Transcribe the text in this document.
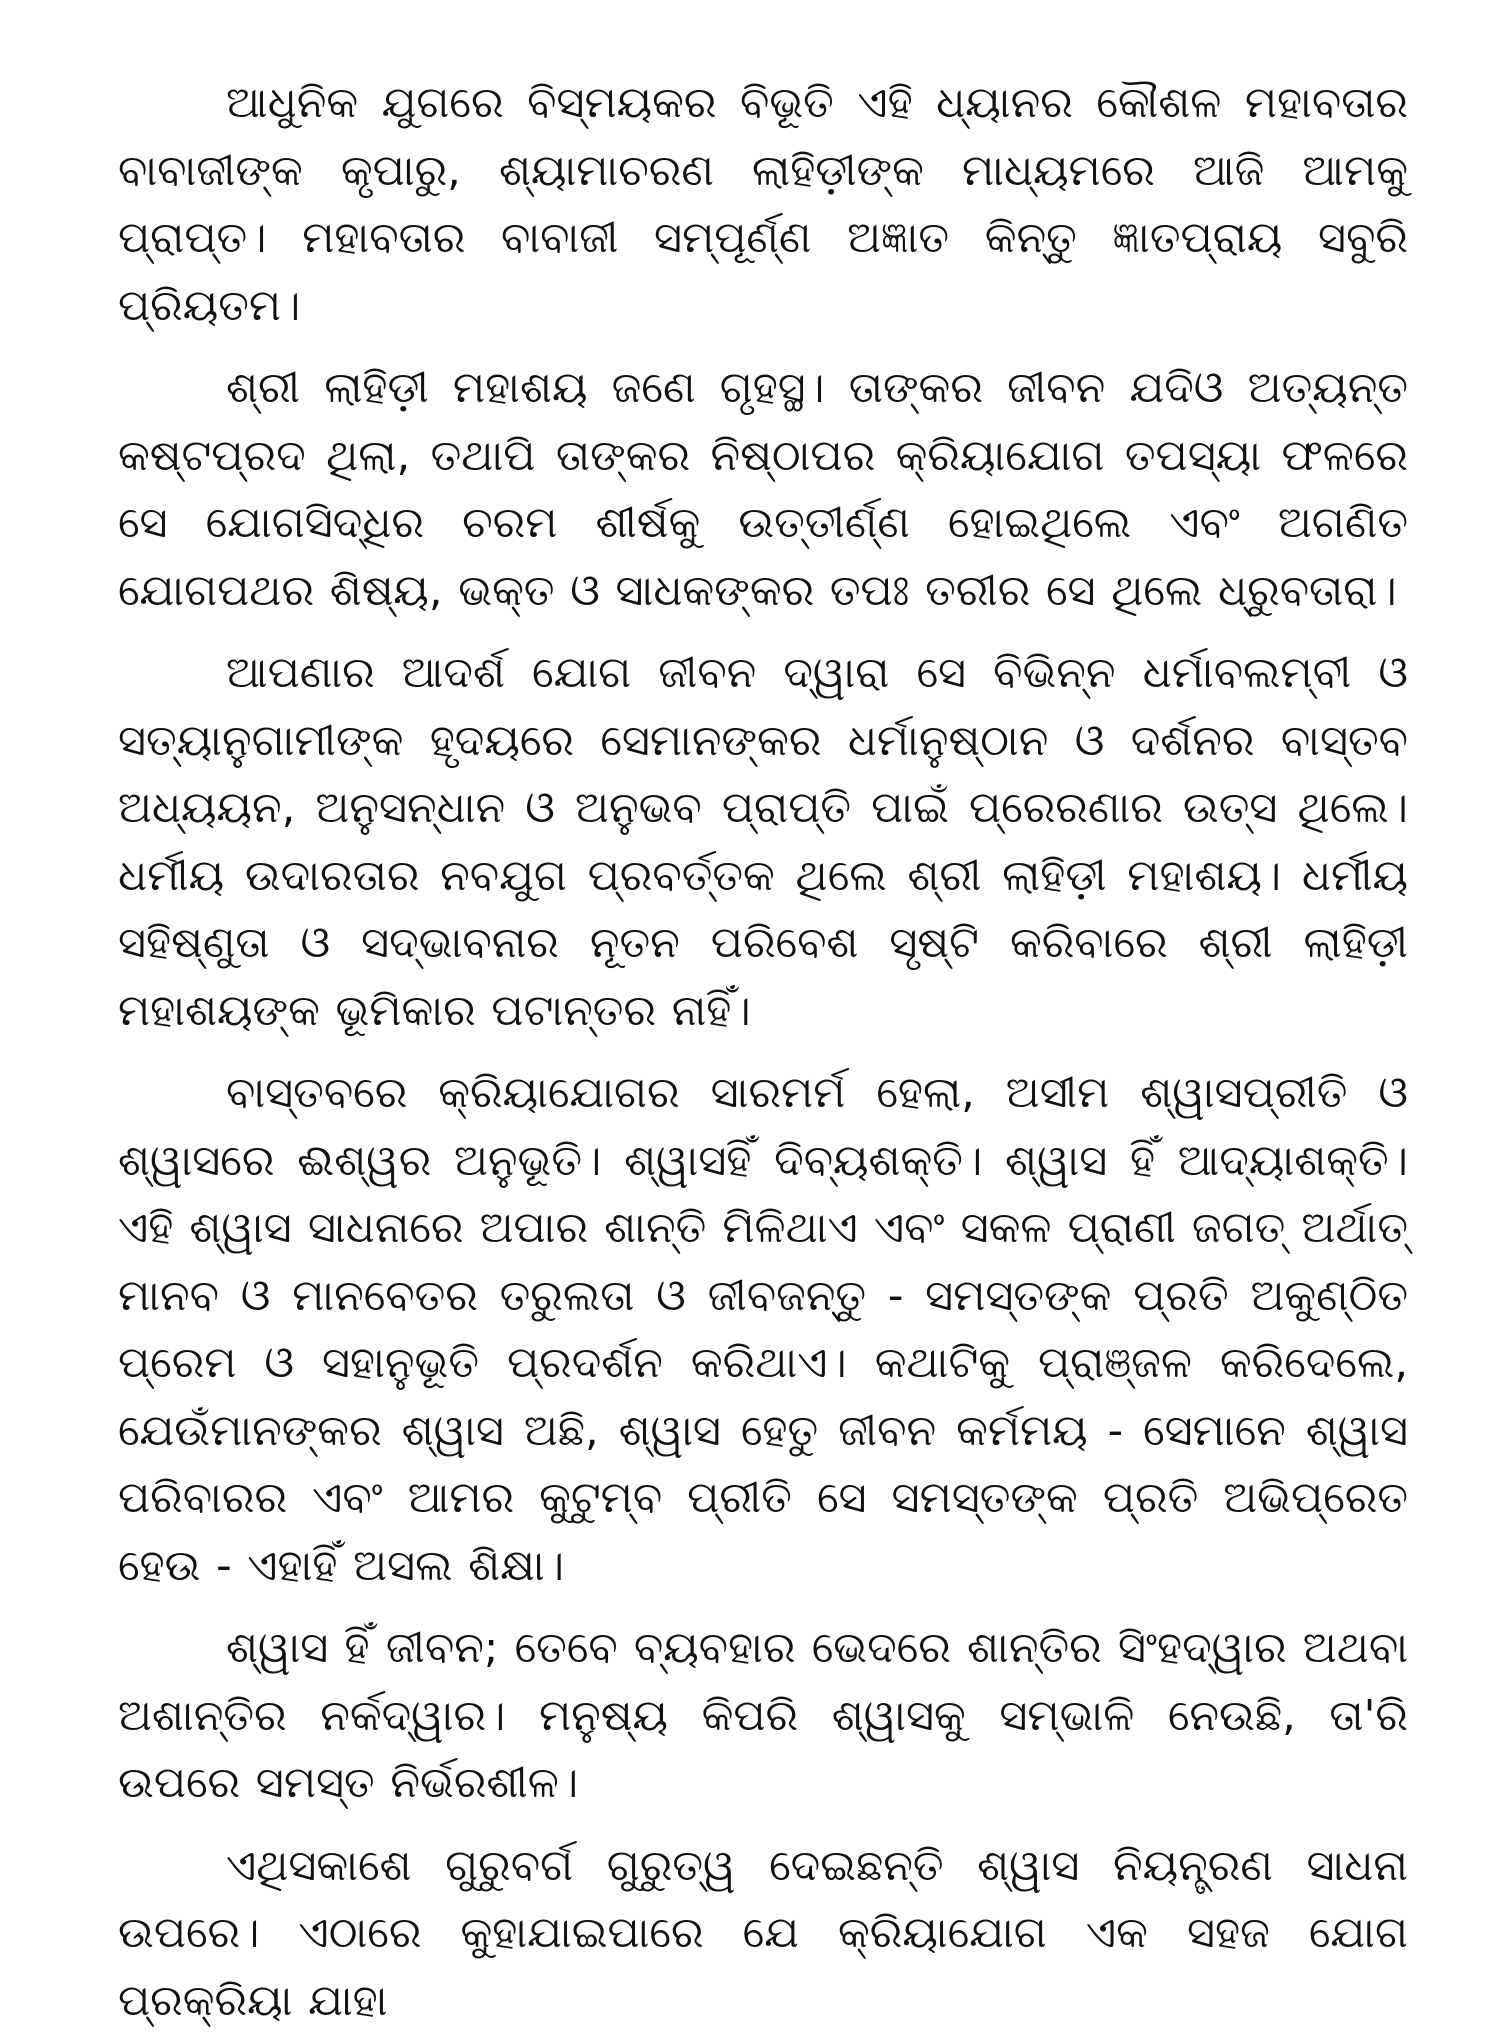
ଆଧୁନିକ ଯୁଗରେ ବିସ୍ମୟକର ବିଭୂତି ଏହି ଧ୍ୟାନର କୌଶଳ ମହାବତାର ବାବାଜୀଙ୍କ କୃପାରୁ, ଶ୍ୟାମାଚରଣ ଲାହିଡ଼ୀଙ୍କ ମାଧ୍ୟମରେ ଆଜି ଆମକୁ ପ୍ରାପ୍ତ। ମହାବତାର ବାବାଜୀ ସମ୍ପୂର୍ଣ୍ଣ ଅଜ୍ଞାତ କିନ୍ତୁ ଜ୍ଞାତପ୍ରାୟ ସବୁରି ପ୍ରିୟତମ।

ଶ୍ରୀ ଲାହିଡ଼ୀ ମହାଶୟ ଜଣେ ଗୃହସ୍ଥ। ତାଙ୍କର ଜୀବନ ଯଦିଓ ଅତ୍ୟନ୍ତ କଷ୍ଟପ୍ରଦ ଥିଲା, ତଥାପି ତାଙ୍କର ନିଷ୍ଠାପର କ୍ରିୟାଯୋଗ ତପସ୍ୟା ଫଳରେ ସେ ଯୋଗସିଦ୍ଧିର ଚରମ ଶୀର୍ଷକୁ ଉତ୍ତୀର୍ଣ୍ଣ ହୋଇଥିଲେ ଏବଂ ଅଗଣିତ ଯୋଗପଥର ଶିଷ୍ୟ, ଭକ୍ତ ଓ ସାଧକଙ୍କର ତପଃ ତରୀର ସେ ଥିଲେ ଧ୍ରୁବତାରା।

ଆପଣାର ଆଦର୍ଶ ଯୋଗ ଜୀବନ ଦ୍ୱାରା ସେ ବିଭିନ୍ନ ଧର୍ମାବଲମ୍ବୀ ଓ ସତ୍ୟାନୁଗାମୀଙ୍କ ହୃଦୟରେ ସେମାନଙ୍କର ଧର୍ମାନୁଷ୍ଠାନ ଓ ଦର୍ଶନର ବାସ୍ତବ ଅଧ୍ୟୟନ, ଅନୁସନ୍ଧାନ ଓ ଅନୁଭବ ପ୍ରାପ୍ତି ପାଇଁ ପ୍ରେରଣାର ଉତ୍ସ ଥିଲେ। ଧର୍ମୀୟ ଉଦାରତାର ନବଯୁଗ ପ୍ରବର୍ତ୍ତକ ଥିଲେ ଶ୍ରୀ ଲାହିଡ଼ୀ ମହାଶୟ। ଧର୍ମୀୟ ସହିଷ୍ଣୁତା ଓ ସଦ୍ଭାବନାର ନୂତନ ପରିବେଶ ସୃଷ୍ଟି କରିବାରେ ଶ୍ରୀ ଲାହିଡ଼ୀ ମହାଶୟଙ୍କ ଭୂମିକାର ପଟାନ୍ତର ନାହିଁ।

ବାସ୍ତବରେ କ୍ରିୟାଯୋଗର ସାରମର୍ମ ହେଲା, ଅସୀମ ଶ୍ୱାସପ୍ରୀତି ଓ ଶ୍ୱାସରେ ଈଶ୍ୱର ଅନୁଭୂତି। ଶ୍ୱାସହିଁ ଦିବ୍ୟଶକ୍ତି। ଶ୍ୱାସ ହିଁ ଆଦ୍ୟାଶକ୍ତି। ଏହି ଶ୍ୱାସ ସାଧନାରେ ଅପାର ଶାନ୍ତି ମିଳିଥାଏ ଏବଂ ସକଳ ପ୍ରାଣୀ ଜଗତ୍ ଅର୍ଥାତ୍ ମାନବ ଓ ମାନବେତର ତରୁଲତା ଓ ଜୀବଜନ୍ତୁ - ସମସ୍ତଙ୍କ ପ୍ରତି ଅକୁଣ୍ଠିତ ପ୍ରେମ ଓ ସହାନୁଭୂତି ପ୍ରଦର୍ଶନ କରିଥାଏ। କଥାଟିକୁ ପ୍ରାଞ୍ଜଳ କରିଦେଲେ, ଯେଉଁମାନଙ୍କର ଶ୍ୱାସ ଅଛି, ଶ୍ୱାସ ହେତୁ ଜୀବନ କର୍ମମୟ - ସେମାନେ ଶ୍ୱାସ ପରିବାରର ଏବଂ ଆମର କୁଟୁମ୍ବ ପ୍ରୀତି ସେ ସମସ୍ତଙ୍କ ପ୍ରତି ଅଭିପ୍ରେତ ହେଉ - ଏହାହିଁ ଅସଲ ଶିକ୍ଷା।

ଶ୍ୱାସ ହିଁ ଜୀବନ; ତେବେ ବ୍ୟବହାର ଭେଦରେ ଶାନ୍ତିର ସିଂହଦ୍ୱାର ଅଥବା ଅଶାନ୍ତିର ନର୍କଦ୍ୱାର। ମନୁଷ୍ୟ କିପରି ଶ୍ୱାସକୁ ସମ୍ଭାଳି ନେଉଛି, ତା'ରି ଉପରେ ସମସ୍ତ ନିର୍ଭରଶୀଳ।

ଏଥିସକାଶେ ଗୁରୁବର୍ଗ ଗୁରୁତ୍ୱ ଦେଇଛନ୍ତି ଶ୍ୱାସ ନିୟନ୍ତ୍ରଣ ସାଧନା ଉପରେ। ଏଠାରେ କୁହାଯାଇପାରେ ଯେ କ୍ରିୟାଯୋଗ ଏକ ସହଜ ଯୋଗ ପ୍ରକ୍ରିୟା ଯାହା
